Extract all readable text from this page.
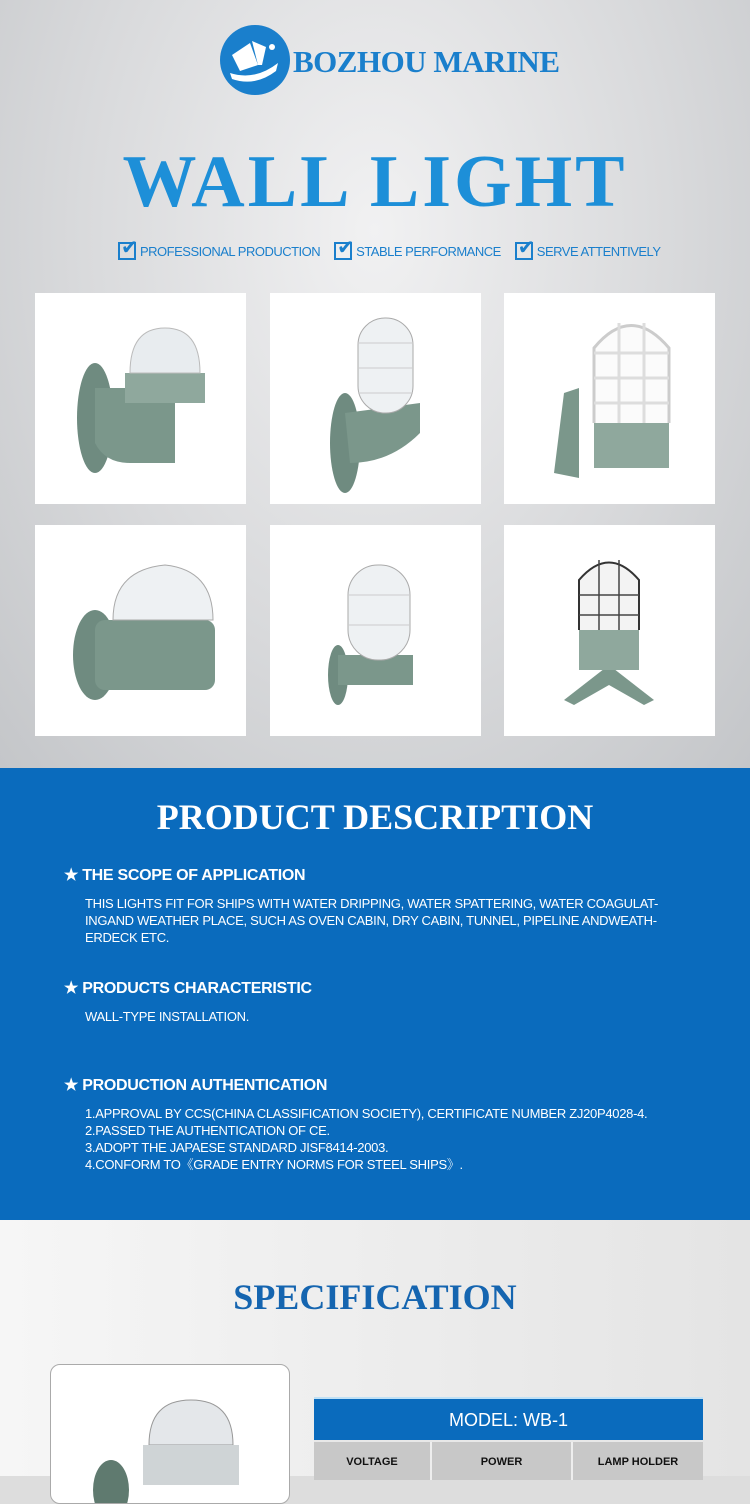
BOZHOU MARINE
WALL LIGHT
✔
PROFESSIONAL PRODUCTION ✔	STABLE PERFORMANCE ✔	SERVE ATTENTIVELY
PRODUCT DESCRIPTION
★ THE SCOPE OF APPLICATION
THIS LIGHTS FIT FOR SHIPS WITH WATER DRIPPING, WATER SPATTERING, WATER COAGULAT-
INGAND WEATHER PLACE, SUCH AS OVEN CABIN, DRY CABIN, TUNNEL, PIPELINE ANDWEATH-
ERDECK ETC.
★ PRODUCTS CHARACTERISTIC
WALL-TYPE INSTALLATION.
★ PRODUCTION AUTHENTICATION
1.APPROVAL BY CCS(CHINA CLASSIFICATION SOCIETY), CERTIFICATE NUMBER ZJ20P4028-4.
2.PASSED THE AUTHENTICATION OF CE.
3.ADOPT THE JAPAESE STANDARD JISF8414-2003.
4.CONFORM TO《GRADE ENTRY NORMS FOR STEEL SHIPS》.
SPECIFICATION
MODEL: WB-1
VOLTAGE	POWER	LAMP HOLDER
